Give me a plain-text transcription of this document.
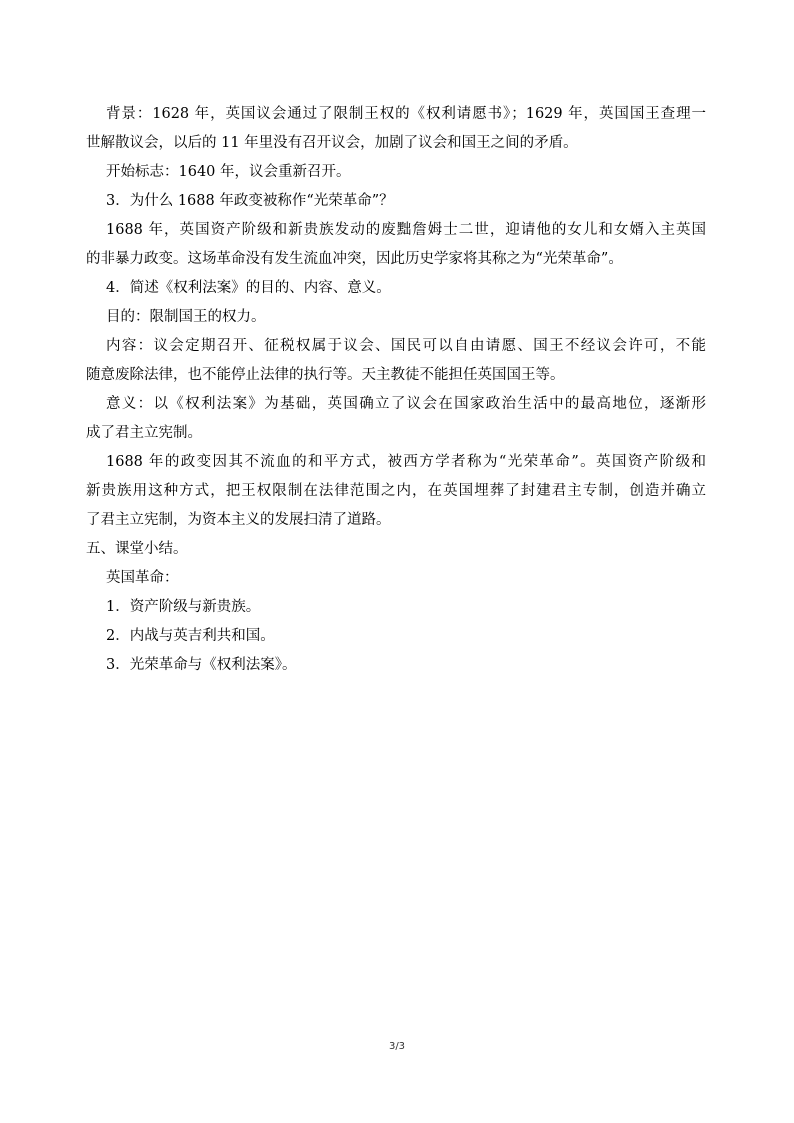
背景：1628 年，英国议会通过了限制王权的《权利请愿书》；1629 年，英国国王查理一
世解散议会，以后的 11 年里没有召开议会，加剧了议会和国王之间的矛盾。
开始标志：1640 年，议会重新召开。
3．为什么 1688 年政变被称作“光荣革命”？
1688 年，英国资产阶级和新贵族发动的废黜詹姆士二世，迎请他的女儿和女婿入主英国
的非暴力政变。这场革命没有发生流血冲突，因此历史学家将其称之为“光荣革命”。
4．简述《权利法案》的目的、内容、意义。
目的：限制国王的权力。
内容：议会定期召开、征税权属于议会、国民可以自由请愿、国王不经议会许可，不能
随意废除法律，也不能停止法律的执行等。天主教徒不能担任英国国王等。
意义：以《权利法案》为基础，英国确立了议会在国家政治生活中的最高地位，逐渐形
成了君主立宪制。
1688 年的政变因其不流血的和平方式，被西方学者称为“光荣革命”。英国资产阶级和
新贵族用这种方式，把王权限制在法律范围之内，在英国埋葬了封建君主专制，创造并确立
了君主立宪制，为资本主义的发展扫清了道路。
五、课堂小结。
英国革命：
1．资产阶级与新贵族。
2．内战与英吉利共和国。
3．光荣革命与《权利法案》。
3/3
